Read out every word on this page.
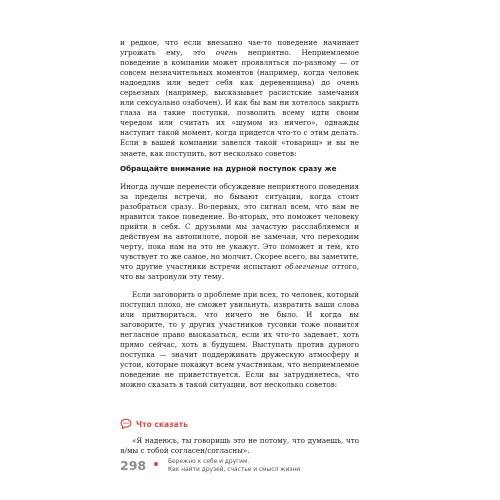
и редкое, что если внезапно чье-то поведение начинает угрожать ему, это очень неприятно. Неприемлемое поведение в компании может проявляться по-разному — от совсем незначительных моментов (например, когда человек надоедлив или ведет себя как деревенщина) до очень серьезных (например, высказывает расистские замечания или сексуально озабочен). И как бы вам ни хотелось закрыть глаза на такие поступки, позволить всему идти своим чередом или считать их «шумом из ничего», однажды наступит такой момент, когда придется что-то с этим делать. Если в вашей компании завелся такой «товарищ» и вы не знаете, как поступить, вот несколько советов:

Обращайте внимание на дурной поступок сразу же

Иногда лучше перенести обсуждение неприятного поведения за пределы встречи, но бывают ситуации, когда стоит разобраться сразу. Во-первых, это сигнал всем, что вам не нравится такое поведение. Во-вторых, это поможет человеку прийти в себя. С друзьями мы зачастую расслабляемся и действуем на автопилоте, порой не замечая, что переходим черту, пока нам на это не укажут. Это поможет и тем, кто чувствует то же самое, но молчит. Скорее всего, вы заметите, что другие участники встречи испытают облегчение оттого, что вы затронули эту тему.

Если заговорить о проблеме при всех, то человек, который поступил плохо, не сможет увильнуть, извратить ваши слова или притвориться, что ничего не было. И когда вы заговорите, то у других участников тусовки тоже появится негласное право высказаться, если их что-то задевает, хоть прямо сейчас, хоть в будущем. Выступать против дурного поступка — значит поддерживать дружескую атмосферу и устои, которые покажут всем участникам, что неприемлемое поведение не приветствуется. Если вы затрудняетесь, что можно сказать в такой ситуации, вот несколько советов:

Что сказать

«Я надеюсь, ты говоришь это не потому, что думаешь, что я/мы с тобой согласен/согласны».

298	Бережно к себе и другим.
Как найти друзей, счастье и смысл жизни
